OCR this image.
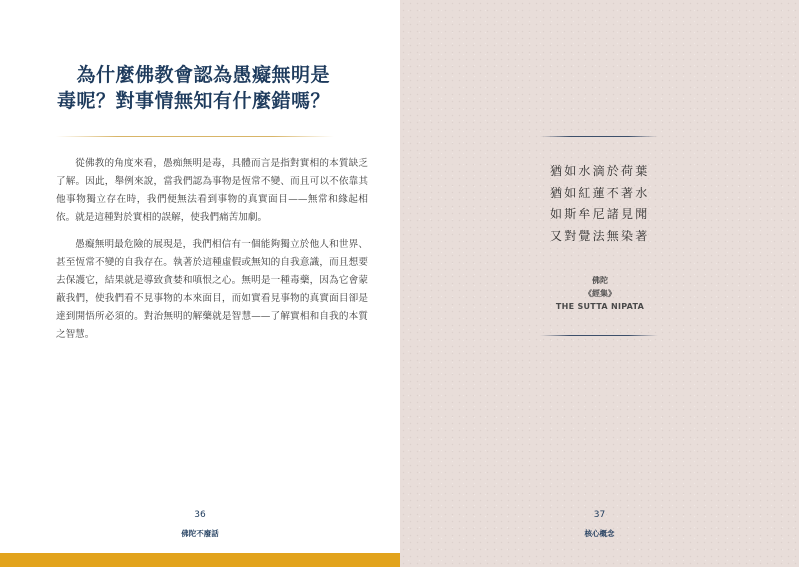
為什麼佛教會認為愚癡無明是
毒呢？對事情無知有什麼錯嗎？

從佛教的角度來看，愚痴無明是毒，具體而言是指對實相的本質缺乏了解。因此，舉例來說，當我們認為事物是恆常不變、而且可以不依靠其他事物獨立存在時，我們便無法看到事物的真實面目——無常和緣起相依。就是這種對於實相的誤解，使我們痛苦加劇。

愚癡無明最危險的展現是，我們相信有一個能夠獨立於他人和世界、甚至恆常不變的自我存在。執著於這種虛假或無知的自我意識，而且想要去保護它，結果就是導致貪婪和嗔恨之心。無明是一種毒藥，因為它會蒙蔽我們，使我們看不見事物的本來面目，而如實看見事物的真實面目卻是達到開悟所必須的。對治無明的解藥就是智慧——了解實相和自我的本質之智慧。

36
佛陀不廢話
猶如水滴於荷葉
猶如紅蓮不著水
如斯牟尼諸見聞
又對覺法無染著
佛陀
《經集》
THE SUTTA NIPATA
37
核心概念
